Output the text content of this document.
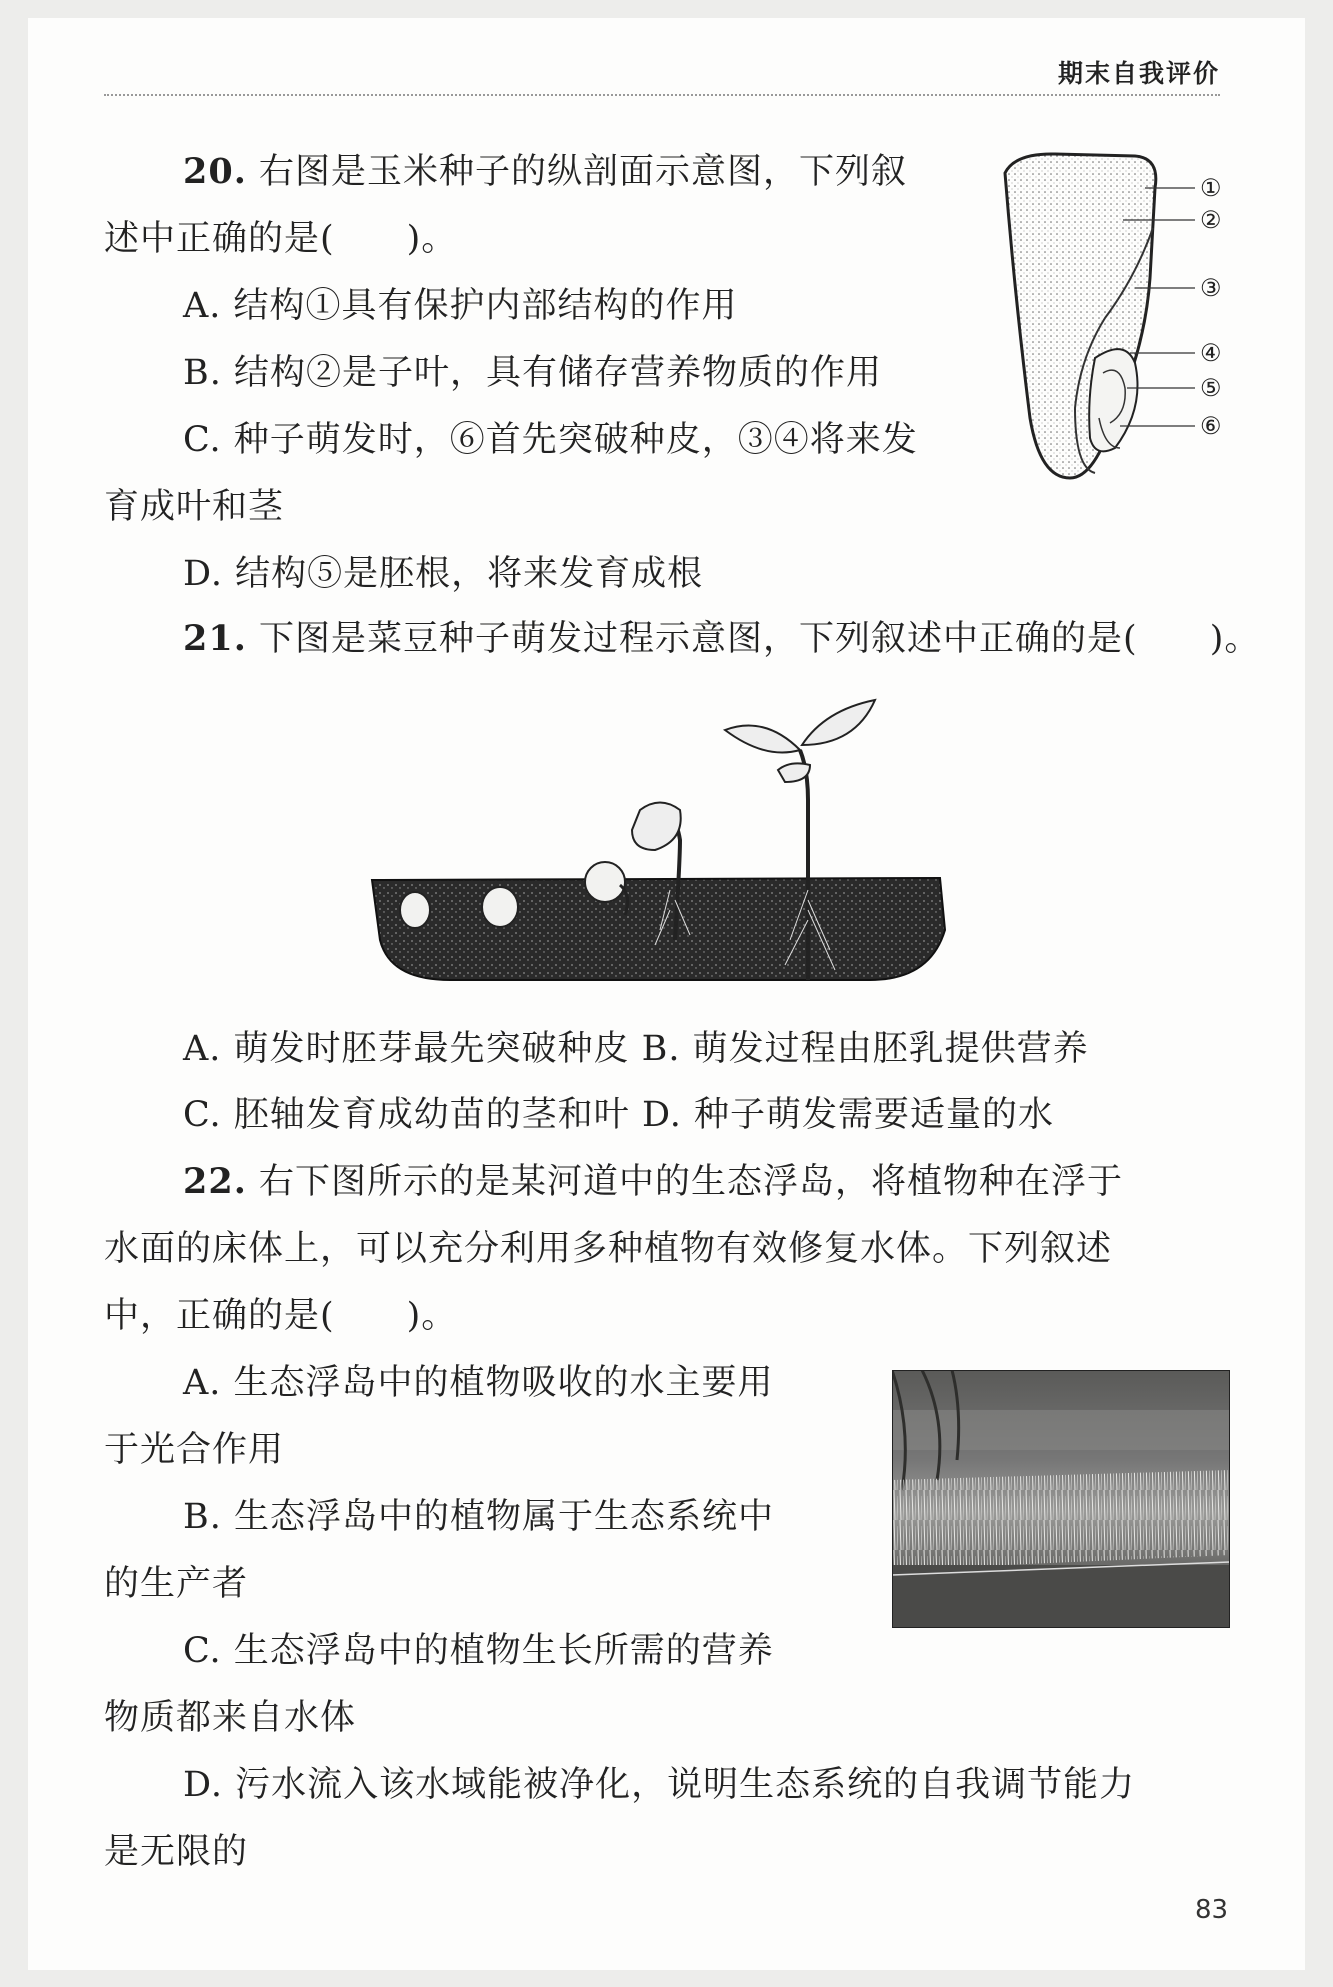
期末自我评价
20. 右图是玉米种子的纵剖面示意图，下列叙
述中正确的是(　　)。
A. 结构①具有保护内部结构的作用
B. 结构②是子叶，具有储存营养物质的作用
C. 种子萌发时，⑥首先突破种皮，③④将来发
育成叶和茎
D. 结构⑤是胚根，将来发育成根
①
②
③
④
⑤
⑥
21. 下图是菜豆种子萌发过程示意图，下列叙述中正确的是(　　)。
A. 萌发时胚芽最先突破种皮 B. 萌发过程由胚乳提供营养
C. 胚轴发育成幼苗的茎和叶 D. 种子萌发需要适量的水
22. 右下图所示的是某河道中的生态浮岛，将植物种在浮于
水面的床体上，可以充分利用多种植物有效修复水体。下列叙述
中，正确的是(　　)。
A. 生态浮岛中的植物吸收的水主要用
于光合作用
B. 生态浮岛中的植物属于生态系统中
的生产者
C. 生态浮岛中的植物生长所需的营养
物质都来自水体
D. 污水流入该水域能被净化，说明生态系统的自我调节能力
是无限的
83
